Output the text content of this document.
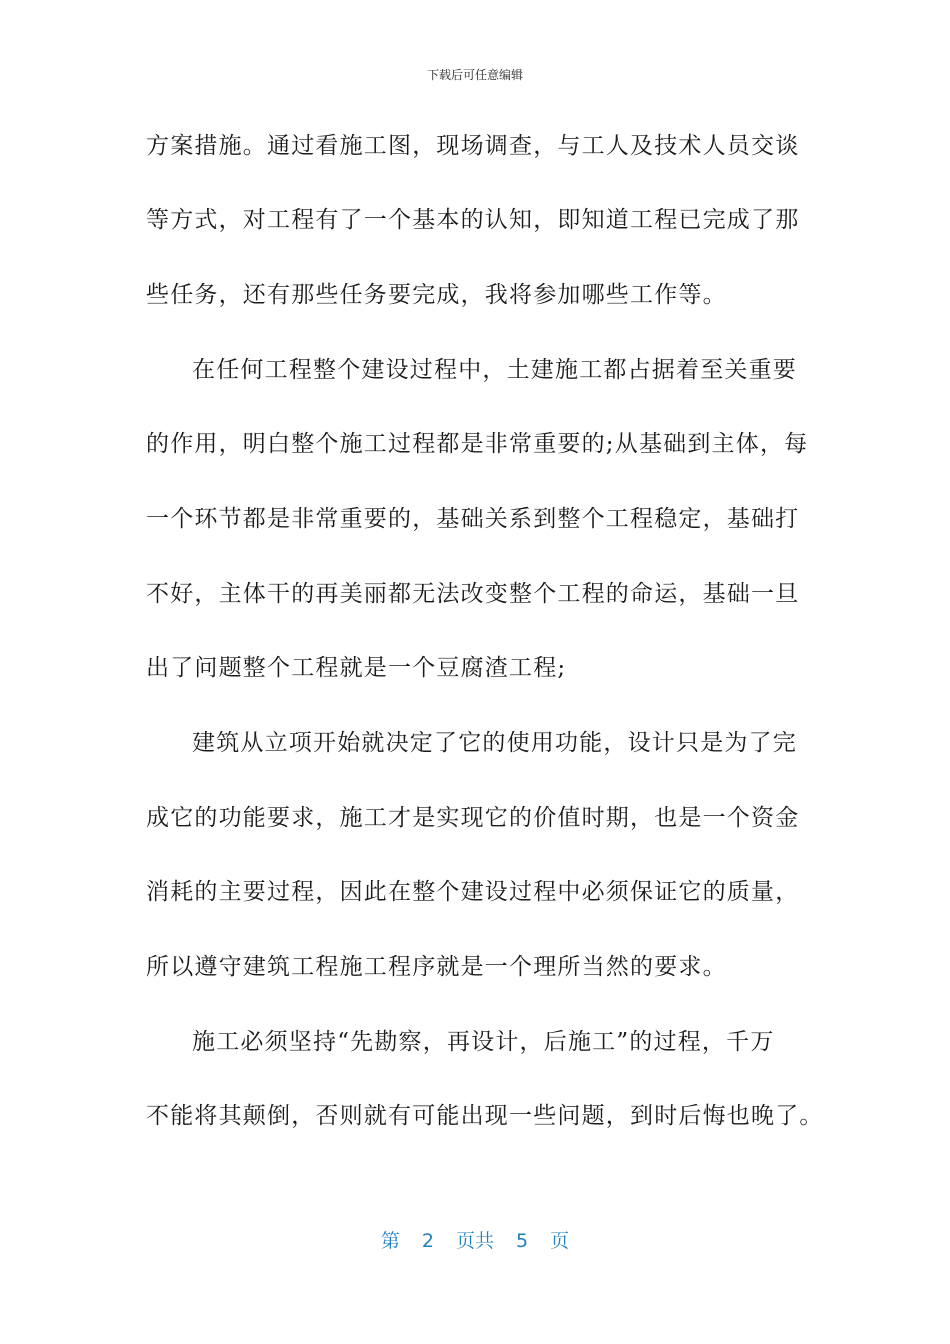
下载后可任意编辑
方案措施。通过看施工图，现场调查，与工人及技术人员交谈
等方式，对工程有了一个基本的认知，即知道工程已完成了那
些任务，还有那些任务要完成，我将参加哪些工作等。
在任何工程整个建设过程中，土建施工都占据着至关重要
的作用，明白整个施工过程都是非常重要的;从基础到主体，每
一个环节都是非常重要的，基础关系到整个工程稳定，基础打
不好，主体干的再美丽都无法改变整个工程的命运，基础一旦
出了问题整个工程就是一个豆腐渣工程;
建筑从立项开始就决定了它的使用功能，设计只是为了完
成它的功能要求，施工才是实现它的价值时期，也是一个资金
消耗的主要过程，因此在整个建设过程中必须保证它的质量，
所以遵守建筑工程施工程序就是一个理所当然的要求。
施工必须坚持“先勘察，再设计，后施工”的过程，千万
不能将其颠倒，否则就有可能出现一些问题，到时后悔也晚了。
第 2 页共 5 页
